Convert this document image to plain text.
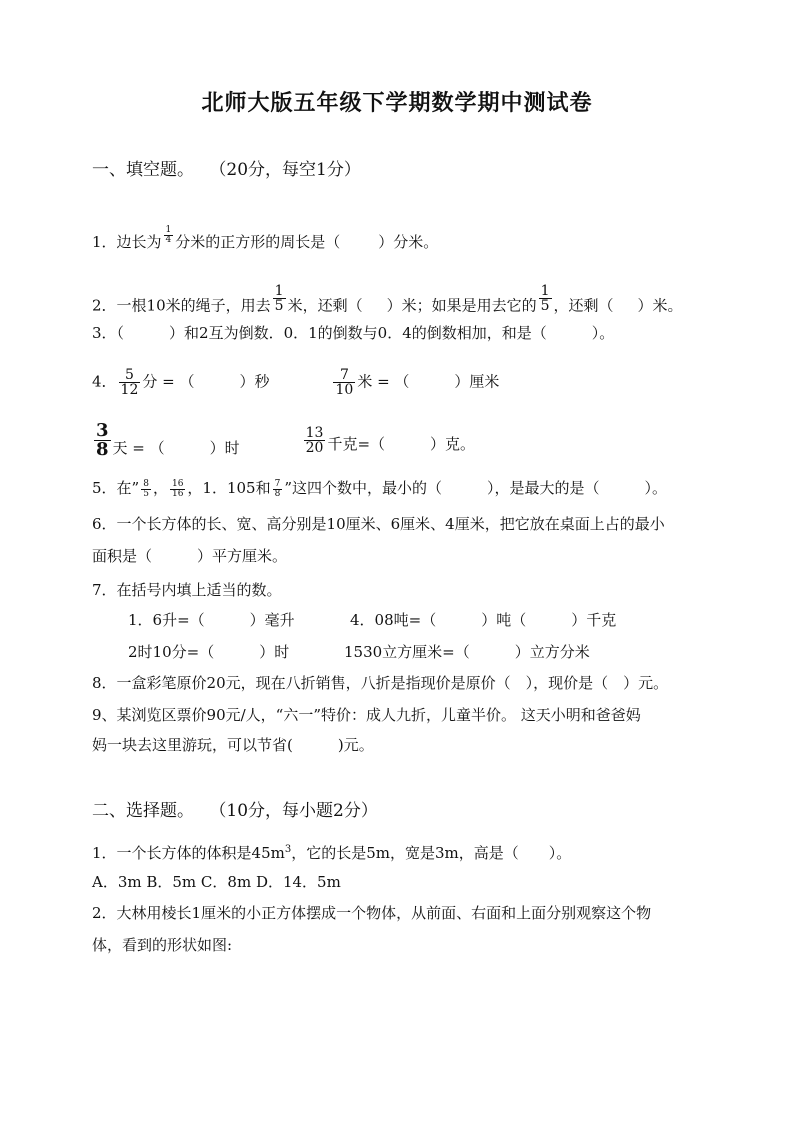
北师大版五年级下学期数学期中测试卷
一、填空题。 （20分，每空1分）
1．边长为 $\frac{1}{4}$ 分米的正方形的周长是（	）分米。
2．一根10米的绳子，用去 $\frac{1}{5}$ 米，还剩（ ）米；如果是用去它的 $\frac{1}{5}$ ，还剩（ ）米。
3．（　　　）和2互为倒数．0．1的倒数与0．4的倒数相加，和是（　　　）。
4． $\frac{5}{12}$ 分 = （　　　）秒	$\frac{7}{10}$ 米 = （　　　）厘米
$\frac{3}{8}$ 天 = （　　　）时	$\frac{13}{20}$ 千克=（　　　）克。
5．在” $\frac{8}{5}$ ， $\frac{16}{16}$ ，1．105和 $\frac{7}{8}$ ”这四个数中，最小的（　　　），是最大的是（　　　）。
6．一个长方体的长、宽、高分别是10厘米、6厘米、4厘米，把它放在桌面上占的最小
面积是（　　　）平方厘米。
7．在括号内填上适当的数。
1．6升=（　　　）毫升	4．08吨=（　　　）吨（　　　）千克
2时10分=（　　　）时	1530立方厘米=（　　　）立方分米
8．一盒彩笔原价20元，现在八折销售，八折是指现价是原价（　），现价是（　）元。
9、某浏览区票价90元/人，“六一”特价：成人九折，儿童半价。 这天小明和爸爸妈
妈一块去这里游玩，可以节省(　　　)元。
二、选择题。 （10分，每小题2分）
1．一个长方体的体积是$45m^3$，它的长是5m，宽是3m，高是（　　）。
A．3m B．5m C．8m D．14．5m
2．大林用棱长1厘米的小正方体摆成一个物体，从前面、右面和上面分别观察这个物
体，看到的形状如图:
